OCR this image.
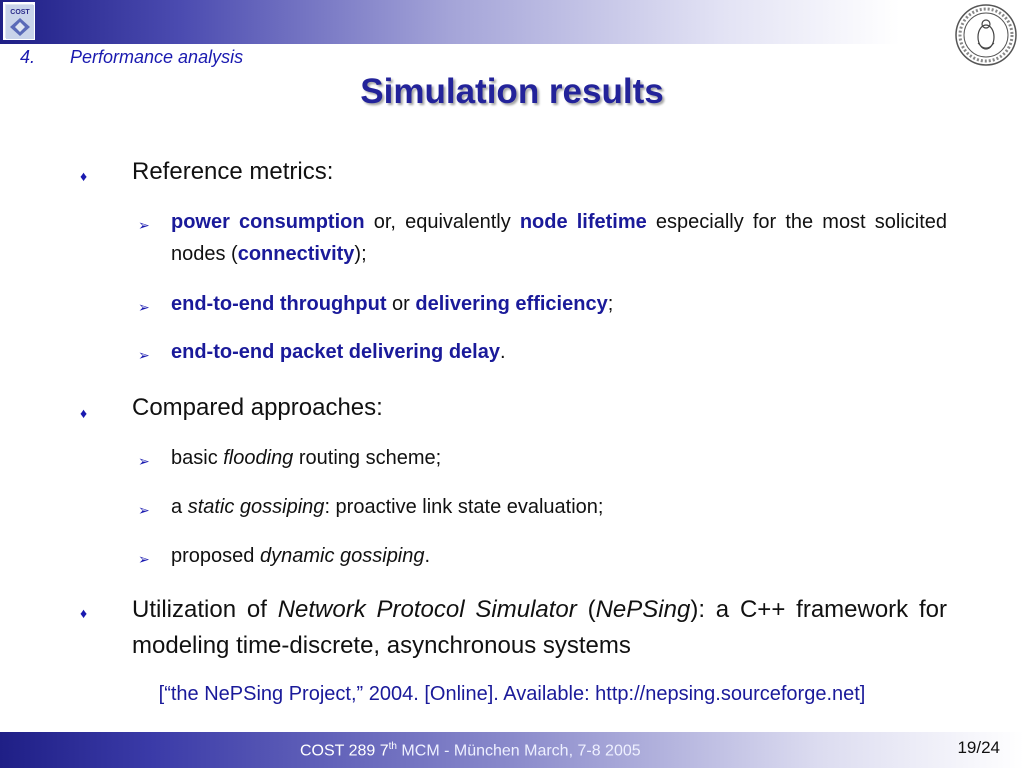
COST
4. Performance analysis
Simulation results
♦ Reference metrics:
➢ power consumption or, equivalently node lifetime especially for the most solicited nodes (connectivity);
➢ end-to-end throughput or delivering efficiency;
➢ end-to-end packet delivering delay.
♦ Compared approaches:
➢ basic flooding routing scheme;
➢ a static gossiping: proactive link state evaluation;
➢ proposed dynamic gossiping.
♦ Utilization of Network Protocol Simulator (NePSing): a C++ framework for modeling time-discrete, asynchronous systems
[“the NePSing Project,” 2004. [Online]. Available: http://nepsing.sourceforge.net]
COST 289 7th MCM - München March, 7-8 2005	19/24
